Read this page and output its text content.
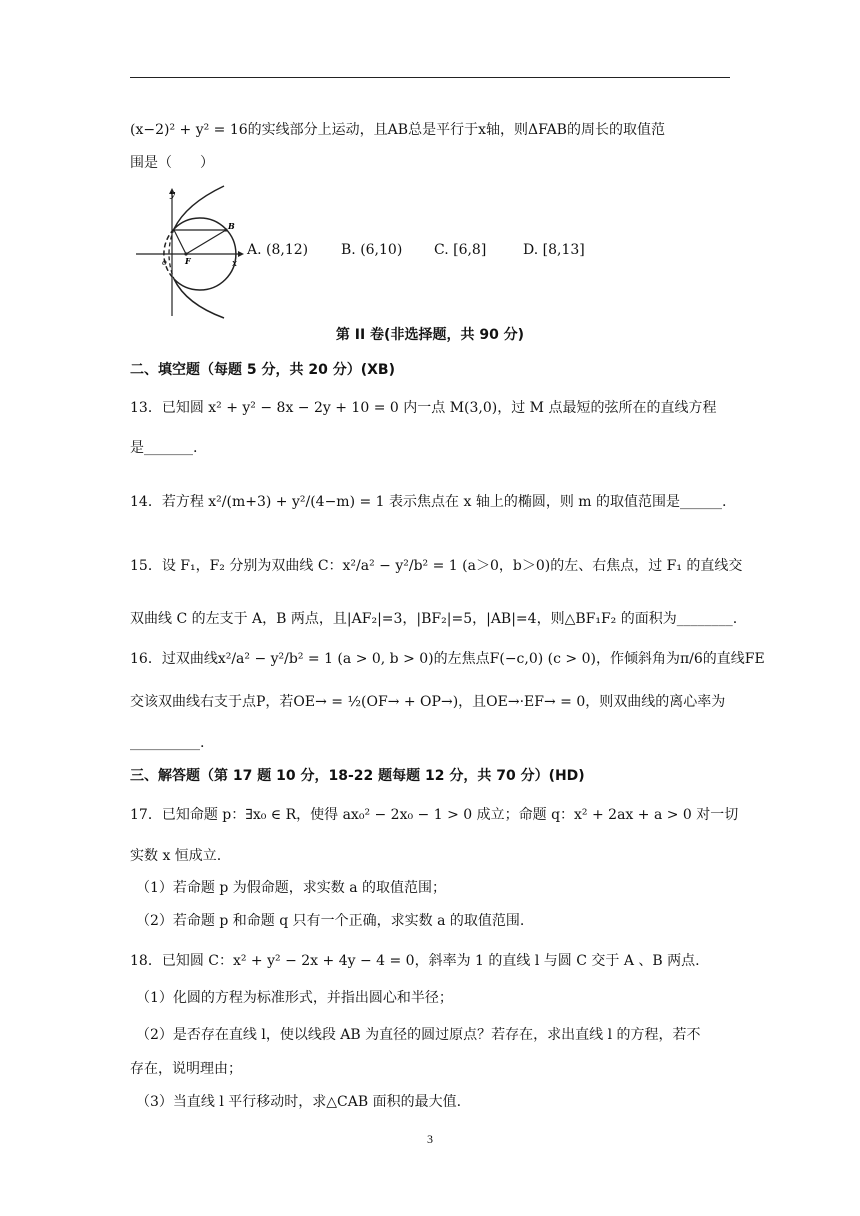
(x−2)² + y² = 16的实线部分上运动，且AB总是平行于x轴，则ΔFAB的周长的取值范
围是（　　）
y
x
o F
B
A. (8,12) B. (6,10) C. [6,8]	D. [8,13]
第 II 卷(非选择题，共 90 分)
二、填空题（每题 5 分，共 20 分）(XB)
13．已知圆 x² + y² − 8x − 2y + 10 = 0 内一点 M(3,0)，过 M 点最短的弦所在的直线方程
是_______.
14．若方程 x²/(m+3) + y²/(4−m) = 1 表示焦点在 x 轴上的椭圆，则 m 的取值范围是______.
15．设 F₁，F₂ 分别为双曲线 C：x²/a² − y²/b² = 1 (a＞0，b＞0)的左、右焦点，过 F₁ 的直线交
双曲线 C 的左支于 A，B 两点，且|AF₂|=3，|BF₂|=5，|AB|=4，则△BF₁F₂ 的面积为________.
16．过双曲线x²/a² − y²/b² = 1 (a > 0, b > 0)的左焦点F(−c,0) (c > 0)，作倾斜角为π/6的直线FE
交该双曲线右支于点P，若OE→ = ½(OF→ + OP→)，且OE→·EF→ = 0，则双曲线的离心率为
__________.
三、解答题（第 17 题 10 分，18-22 题每题 12 分，共 70 分）(HD)
17．已知命题 p：∃x₀ ∈ R，使得 ax₀² − 2x₀ − 1 > 0 成立；命题 q：x² + 2ax + a > 0 对一切
实数 x 恒成立.
（1）若命题 p 为假命题，求实数 a 的取值范围；
（2）若命题 p 和命题 q 只有一个正确，求实数 a 的取值范围.
18．已知圆 C：x² + y² − 2x + 4y − 4 = 0，斜率为 1 的直线 l 与圆 C 交于 A 、B 两点.
（1）化圆的方程为标准形式，并指出圆心和半径；
（2）是否存在直线 l，使以线段 AB 为直径的圆过原点？若存在，求出直线 l 的方程，若不
存在，说明理由；
（3）当直线 l 平行移动时，求△CAB 面积的最大值.
3
